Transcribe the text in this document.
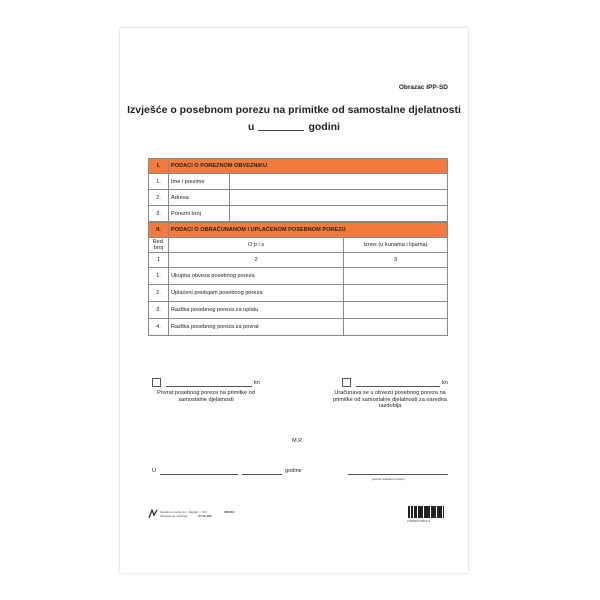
Obrazac IPP-SD
Izvješće o posebnom porezu na primitke od samostalne djelatnosti
u	godini
I.	PODACI O POREZNOM OBVEZNIKU	
1.	Ime i prezime	
2.	Adresa	
3.	Porezni broj	
II.	PODACI O OBRAČUNANOM I UPLAĆENOM POSEBNOM POREZU	
Red. broj	O p i s	Iznos (u kunama i lipama)
1	2	3
1.	Ukupna obveza posebnog poreza	
2.	Uplaćeni predujam posebnog poreza	
3.	Razlika posebnog poreza za uplatu	
4.	Razlika posebnog poreza za povrat	
kn
Povrat posebnog poreza na primitke od samostalne djelatnosti
kn
Uračunava se u obvezu posebnog poreza na primitke od samostalne djelatnosti za naredna razdoblja
M.P.
U	godine
(potpis ovlaštene osobe)
Narodne novine d.d., Zagreb – (10)
Obrazac se naručuje	UT-IX-485
080003
3 856033 080471
